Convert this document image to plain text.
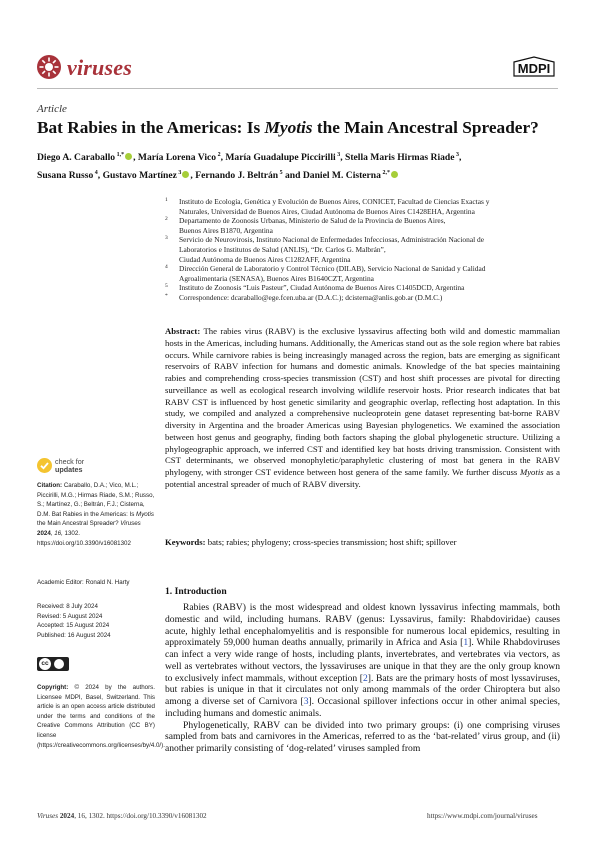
viruses	MDPI
Article
Bat Rabies in the Americas: Is Myotis the Main Ancestral Spreader?
Diego A. Caraballo $^{1,*}$ , María Lorena Vico $^2$, María Guadalupe Piccirilli $^3$, Stella Maris Hirmas Riade $^3$,
Susana Russo $^4$, Gustavo Martínez $^3$ , Fernando J. Beltrán $^5$ and Daniel M. Cisterna $^{2,*}$
1 Instituto de Ecología, Genética y Evolución de Buenos Aires, CONICET, Facultad de Ciencias Exactas y
Naturales, Universidad de Buenos Aires, Ciudad Autónoma de Buenos Aires C1428EHA, Argentina
2 Departamento de Zoonosis Urbanas, Ministerio de Salud de la Provincia de Buenos Aires,
Buenos Aires B1870, Argentina
3 Servicio de Neurovirosis, Instituto Nacional de Enfermedades Infecciosas, Administración Nacional de
Laboratorios e Institutos de Salud (ANLIS), “Dr. Carlos G. Malbrán”,
Ciudad Autónoma de Buenos Aires C1282AFF, Argentina
4 Dirección General de Laboratorio y Control Técnico (DILAB), Servicio Nacional de Sanidad y Calidad
Agroalimentaria (SENASA), Buenos Aires B1640CZT, Argentina
5 Instituto de Zoonosis “Luis Pasteur”, Ciudad Autónoma de Buenos Aires C1405DCD, Argentina
* Correspondence: dcaraballo@ege.fcen.uba.ar (D.A.C.); dcisterna@anlis.gob.ar (D.M.C.)
Abstract: The rabies virus (RABV) is the exclusive lyssavirus affecting both wild and domestic mammalian hosts in the Americas, including humans. Additionally, the Americas stand out as the sole region where bat rabies occurs. While carnivore rabies is being increasingly managed across the region, bats are emerging as significant reservoirs of RABV infection for humans and domestic animals. Knowledge of the bat species maintaining rabies and comprehending cross-species transmission (CST) and host shift processes are pivotal for directing surveillance as well as ecological research involving wildlife reservoir hosts. Prior research indicates that bat RABV CST is influenced by host genetic similarity and geographic overlap, reflecting host adaptation. In this study, we compiled and analyzed a comprehensive nucleoprotein gene dataset representing bat-borne RABV diversity in Argentina and the broader Americas using Bayesian phylogenetics. We examined the association between host genus and geography, finding both factors shaping the global phylogenetic structure. Utilizing a phylogeographic approach, we inferred CST and identified key bat hosts driving transmission. Consistent with CST determinants, we observed monophyletic/paraphyletic clustering of most bat genera in the RABV phylogeny, with stronger CST evidence between host genera of the same family. We further discuss Myotis as a potential ancestral spreader of much of RABV diversity.
Keywords: bats; rabies; phylogeny; cross-species transmission; host shift; spillover
check for
updates
Citation: Caraballo, D.A.; Vico, M.L.; Piccirilli, M.G.; Hirmas Riade, S.M.; Russo, S.; Martínez, G.; Beltrán, F.J.; Cisterna, D.M. Bat Rabies in the Americas: Is Myotis the Main Ancestral Spreader? Viruses 2024, 16, 1302. https://doi.org/10.3390/v16081302
Academic Editor: Ronald N. Harty
Received: 8 July 2024
Revised: 5 August 2024
Accepted: 15 August 2024
Published: 16 August 2024
cc
Copyright: © 2024 by the authors. Licensee MDPI, Basel, Switzerland. This article is an open access article distributed under the terms and conditions of the Creative Commons Attribution (CC BY) license (https://creativecommons.org/licenses/by/4.0/).
1. Introduction

Rabies (RABV) is the most widespread and oldest known lyssavirus infecting mammals, both domestic and wild, including humans. RABV (genus: Lyssavirus, family: Rhabdoviridae) causes acute, highly lethal encephalomyelitis and is responsible for numerous local epidemics, resulting in approximately 59,000 human deaths annually, primarily in Africa and Asia [1]. While Rhabdoviruses can infect a very wide range of hosts, including plants, invertebrates, and vertebrates via vectors, as well as vertebrates without vectors, the lyssaviruses are unique in that they are the only group known to exclusively infect mammals, without exception [2]. Bats are the primary hosts of most lyssaviruses, but rabies is unique in that it circulates not only among mammals of the order Chiroptera but also among a diverse set of Carnivora [3]. Occasional spillover infections occur in other animal species, including humans and domestic animals.

Phylogenetically, RABV can be divided into two primary groups: (i) one comprising viruses sampled from bats and carnivores in the Americas, referred to as the ‘bat-related’ virus group, and (ii) another primarily consisting of ‘dog-related’ viruses sampled from

Viruses 2024, 16, 1302. https://doi.org/10.3390/v16081302	https://www.mdpi.com/journal/viruses
